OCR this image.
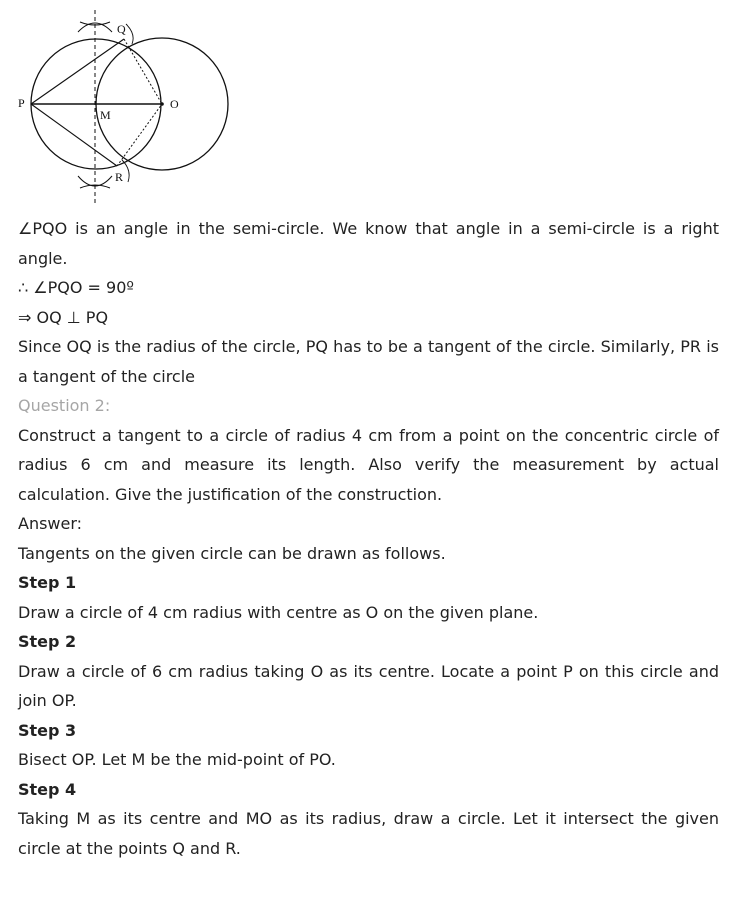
P
Q
M
O
R

∠PQO is an angle in the semi-circle. We know that angle in a semi-circle is a right angle.

∴ ∠PQO = 90º

⇒ OQ ⊥ PQ

Since OQ is the radius of the circle, PQ has to be a tangent of the circle. Similarly, PR is a tangent of the circle

Question 2:

Construct a tangent to a circle of radius 4 cm from a point on the concentric circle of radius 6 cm and measure its length. Also verify the measurement by actual calculation. Give the justification of the construction.

Answer:

Tangents on the given circle can be drawn as follows.

Step 1

Draw a circle of 4 cm radius with centre as O on the given plane.

Step 2

Draw a circle of 6 cm radius taking O as its centre. Locate a point P on this circle and join OP.

Step 3

Bisect OP. Let M be the mid-point of PO.

Step 4

Taking M as its centre and MO as its radius, draw a circle. Let it intersect the given circle at the points Q and R.
